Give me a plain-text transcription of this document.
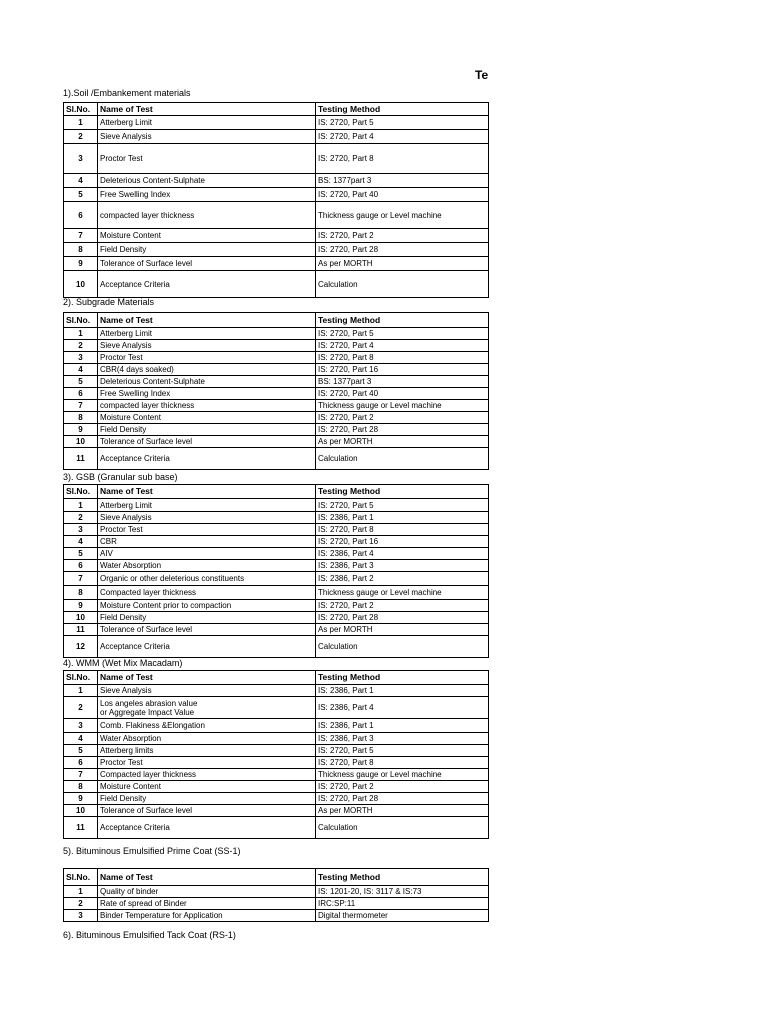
Te
1).Soil /Embankement materials
Sl.No.	Name of Test	Testing Method
1	Atterberg Limit	IS: 2720, Part 5
2	Sieve Analysis	IS: 2720, Part 4
3	Proctor Test	IS: 2720, Part 8
4	Deleterious Content-Sulphate	BS: 1377part 3
5	Free Swelling Index	IS: 2720, Part 40
6	compacted layer thickness	Thickness gauge or Level machine
7	Moisture Content	IS: 2720, Part 2
8	Field Density	IS: 2720, Part 28
9	Tolerance of Surface level	As per MORTH
10	Acceptance Criteria	Calculation
2). Subgrade Materials
Sl.No.	Name of Test	Testing Method
1	Atterberg Limit	IS: 2720, Part 5
2	Sieve Analysis	IS: 2720, Part 4
3	Proctor Test	IS: 2720, Part 8
4	CBR(4 days soaked)	IS: 2720, Part 16
5	Deleterious Content-Sulphate	BS: 1377part 3
6	Free Swelling Index	IS: 2720, Part 40
7	compacted layer thickness	Thickness gauge or Level machine
8	Moisture Content	IS: 2720, Part 2
9	Field Density	IS: 2720, Part 28
10	Tolerance of Surface level	As per MORTH
11	Acceptance Criteria	Calculation
3). GSB (Granular sub base)
Sl.No.	Name of Test	Testing Method
1	Atterberg Limit	IS: 2720, Part 5
2	Sieve Analysis	IS: 2386, Part 1
3	Proctor Test	IS: 2720, Part 8
4	CBR	IS: 2720, Part 16
5	AIV	IS: 2386, Part 4
6	Water Absorption	IS: 2386, Part 3
7	Organic or other deleterious constituents	IS: 2386, Part 2
8	Compacted layer thickness	Thickness gauge or Level machine
9	Moisture Content prior to compaction	IS: 2720, Part 2
10	Field Density	IS: 2720, Part 28
11	Tolerance of Surface level	As per MORTH
12	Acceptance Criteria	Calculation
4). WMM (Wet Mix Macadam)
Sl.No.	Name of Test	Testing Method
1	Sieve Analysis	IS: 2386, Part 1
2	Los angeles abrasion value
or Aggregate Impact Value	IS: 2386, Part 4
3	Comb. Flakiness &Elongation	IS: 2386, Part 1
4	Water Absorption	IS: 2386, Part 3
5	Atterberg limits	IS: 2720, Part 5
6	Proctor Test	IS: 2720, Part 8
7	Compacted layer thickness	Thickness gauge or Level machine
8	Moisture Content	IS: 2720, Part 2
9	Field Density	IS: 2720, Part 28
10	Tolerance of Surface level	As per MORTH
11	Acceptance Criteria	Calculation
5). Bituminous Emulsified Prime Coat (SS-1)
Sl.No.	Name of Test	Testing Method
1	Quality of binder	IS: 1201-20, IS: 3117 & IS:73
2	Rate of spread of Binder	IRC:SP:11
3	Binder Temperature for Application	Digital thermometer
6). Bituminous Emulsified Tack Coat (RS-1)
